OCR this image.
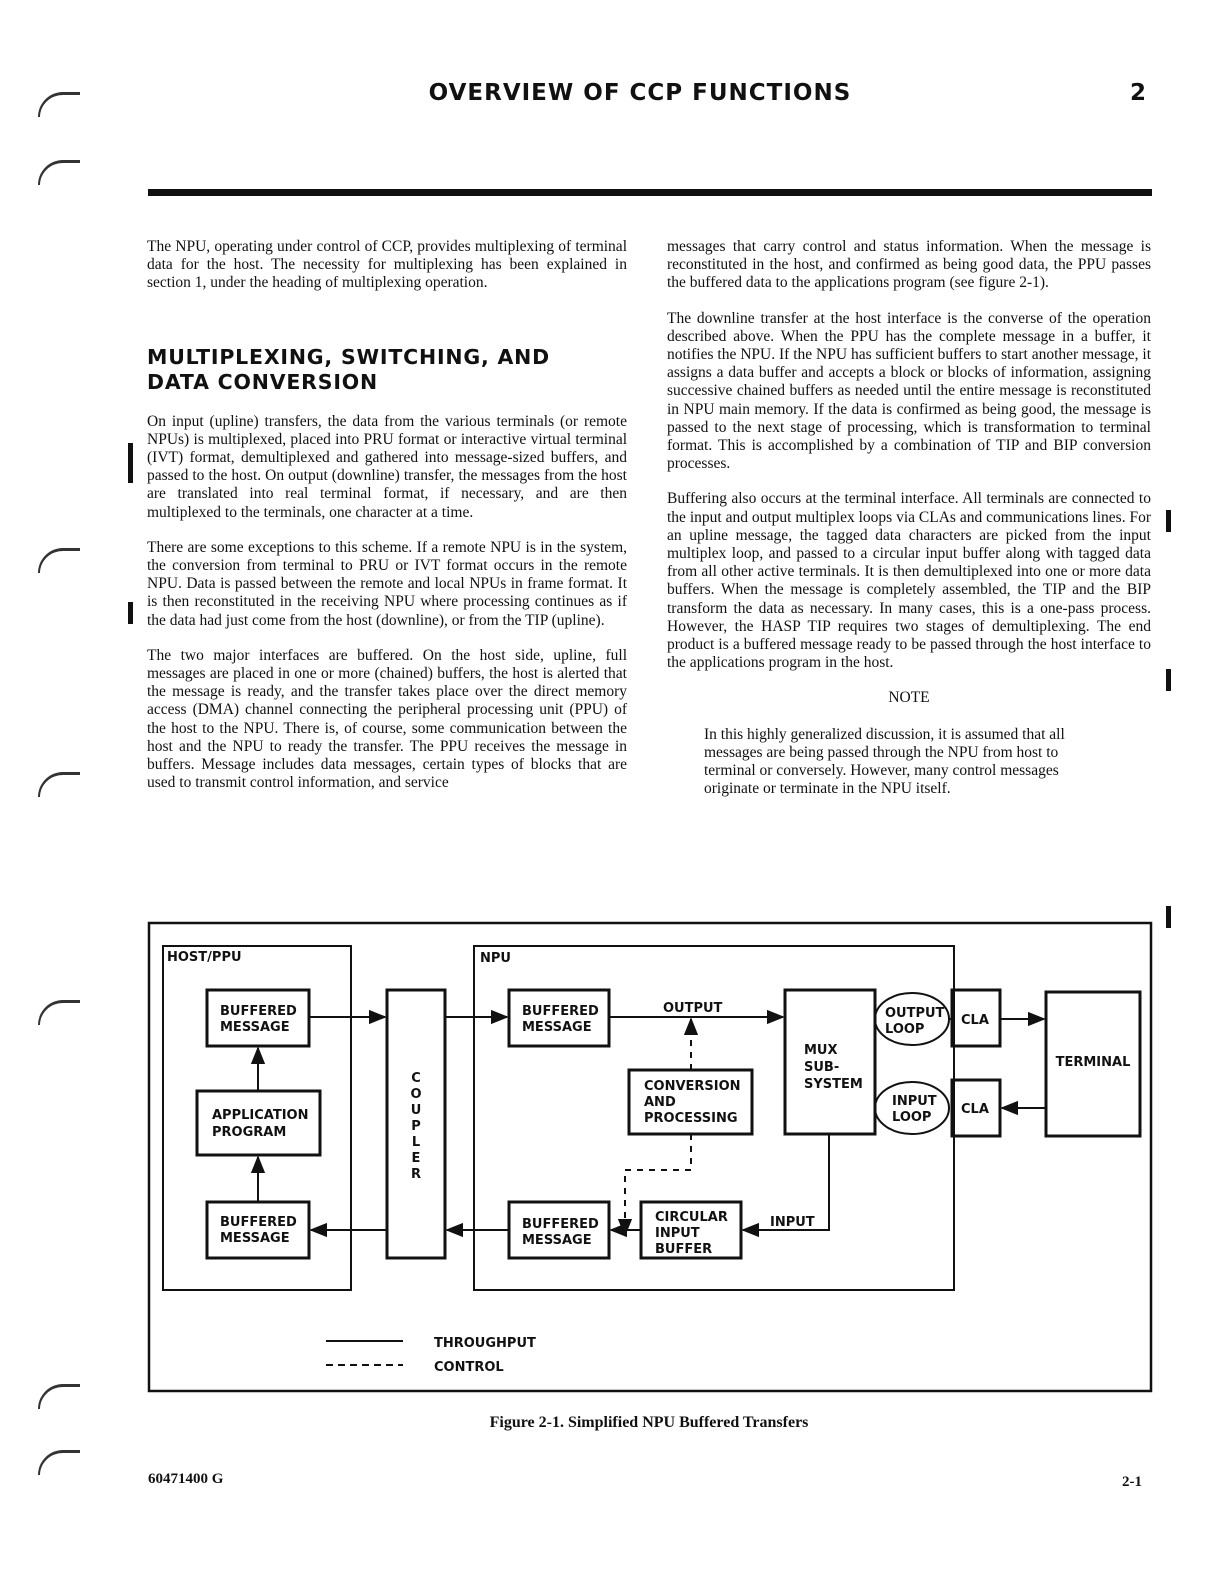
OVERVIEW OF CCP FUNCTIONS	2

The NPU, operating under control of CCP, provides multiplexing of terminal data for the host. The necessity for multiplexing has been explained in section 1, under the heading of multiplexing operation.

MULTIPLEXING, SWITCHING, AND
DATA CONVERSION

On input (upline) transfers, the data from the various terminals (or remote NPUs) is multiplexed, placed into PRU format or interactive virtual terminal (IVT) format, demultiplexed and gathered into message-sized buffers, and passed to the host. On output (downline) transfer, the messages from the host are translated into real terminal format, if necessary, and are then multiplexed to the terminals, one character at a time.

There are some exceptions to this scheme. If a remote NPU is in the system, the conversion from terminal to PRU or IVT format occurs in the remote NPU. Data is passed between the remote and local NPUs in frame format. It is then reconstituted in the receiving NPU where processing continues as if the data had just come from the host (downline), or from the TIP (upline).

The two major interfaces are buffered. On the host side, upline, full messages are placed in one or more (chained) buffers, the host is alerted that the message is ready, and the transfer takes place over the direct memory access (DMA) channel connecting the peripheral processing unit (PPU) of the host to the NPU. There is, of course, some communication between the host and the NPU to ready the transfer. The PPU receives the message in buffers. Message includes data messages, certain types of blocks that are used to transmit control information, and service

messages that carry control and status information. When the message is reconstituted in the host, and confirmed as being good data, the PPU passes the buffered data to the applications program (see figure 2-1).

The downline transfer at the host interface is the converse of the operation described above. When the PPU has the complete message in a buffer, it notifies the NPU. If the NPU has sufficient buffers to start another message, it assigns a data buffer and accepts a block or blocks of information, assigning successive chained buffers as needed until the entire message is reconstituted in NPU main memory. If the data is confirmed as being good, the message is passed to the next stage of processing, which is transformation to terminal format. This is accomplished by a combination of TIP and BIP conversion processes.

Buffering also occurs at the terminal interface. All terminals are connected to the input and output multiplex loops via CLAs and communications lines. For an upline message, the tagged data characters are picked from the input multiplex loop, and passed to a circular input buffer along with tagged data from all other active terminals. It is then demultiplexed into one or more data buffers. When the message is completely assembled, the TIP and the BIP transform the data as necessary. In many cases, this is a one-pass process. However, the HASP TIP requires two stages of demultiplexing. The end product is a buffered message ready to be passed through the host interface to the applications program in the host.

NOTE

In this highly generalized discussion, it is assumed that all messages are being passed through the NPU from host to terminal or conversely. However, many control messages originate or terminate in the NPU itself.

HOST/PPU	NPU
BUFFERED
MESSAGE
APPLICATION
PROGRAM
BUFFERED
MESSAGE
C
O
U
P
L
E
R
BUFFERED
MESSAGE
OUTPUT
CONVERSION
AND
PROCESSING
MUX
SUB-
SYSTEM
OUTPUT
LOOP
INPUT
LOOP
CLA
CLA
TERMINAL
BUFFERED
MESSAGE
CIRCULAR
INPUT
BUFFER
INPUT
THROUGHPUT
CONTROL
Figure 2-1. Simplified NPU Buffered Transfers
60471400 G	2-1
